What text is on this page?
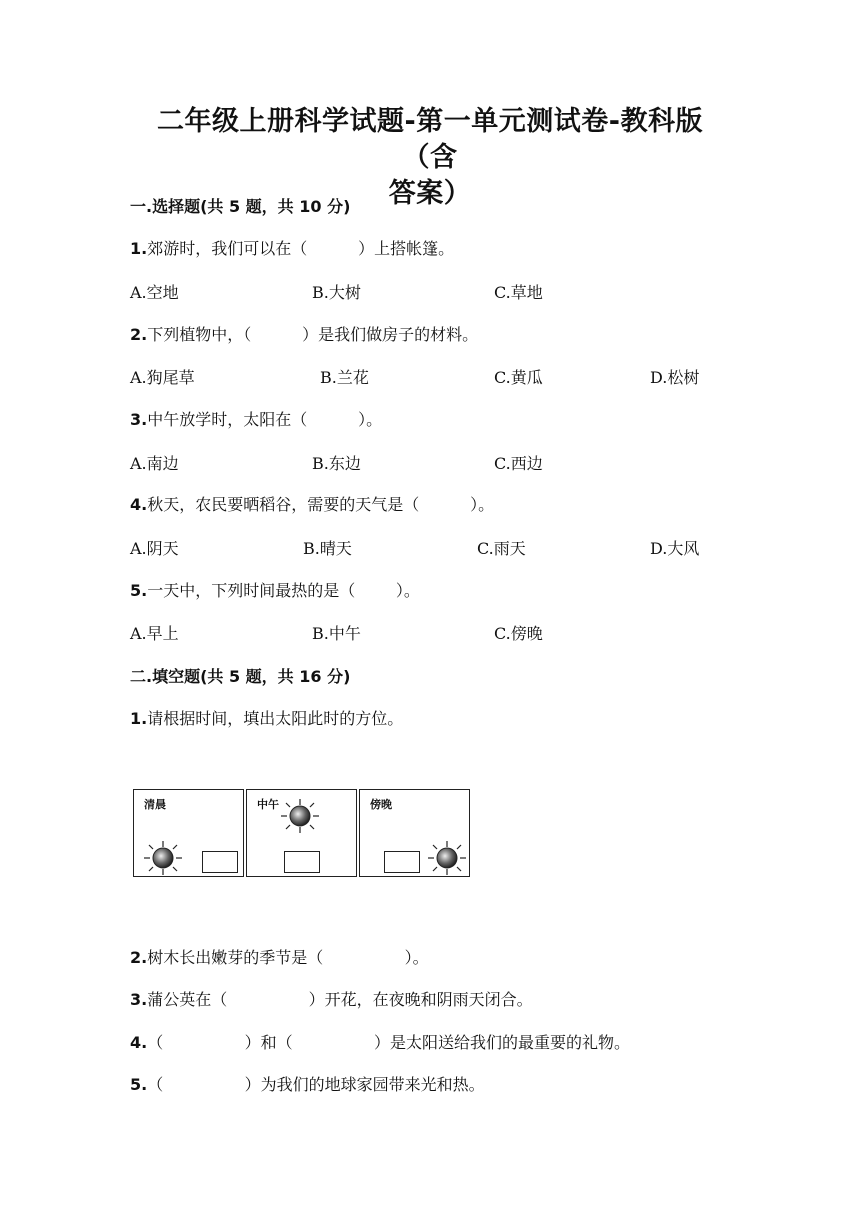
二年级上册科学试题-第一单元测试卷-教科版（含
答案）
一.选择题(共 5 题，共 10 分)
1.郊游时，我们可以在（          ）上搭帐篷。
A.空地	B.大树	C.草地
2.下列植物中，（          ）是我们做房子的材料。
A.狗尾草	B.兰花	C.黄瓜	D.松树
3.中午放学时，太阳在（          ）。
A.南边	B.东边	C.西边
4.秋天，农民要晒稻谷，需要的天气是（          ）。
A.阴天	B.晴天	C.雨天	D.大风
5.一天中，下列时间最热的是（        ）。
A.早上	B.中午	C.傍晚
二.填空题(共 5 题，共 16 分)
1.请根据时间，填出太阳此时的方位。
清晨	中午	傍晚
2.树木长出嫩芽的季节是（                ）。
3.蒲公英在（                ）开花，在夜晚和阴雨天闭合。
4.（                ）和（                ）是太阳送给我们的最重要的礼物。
5.（                ）为我们的地球家园带来光和热。
